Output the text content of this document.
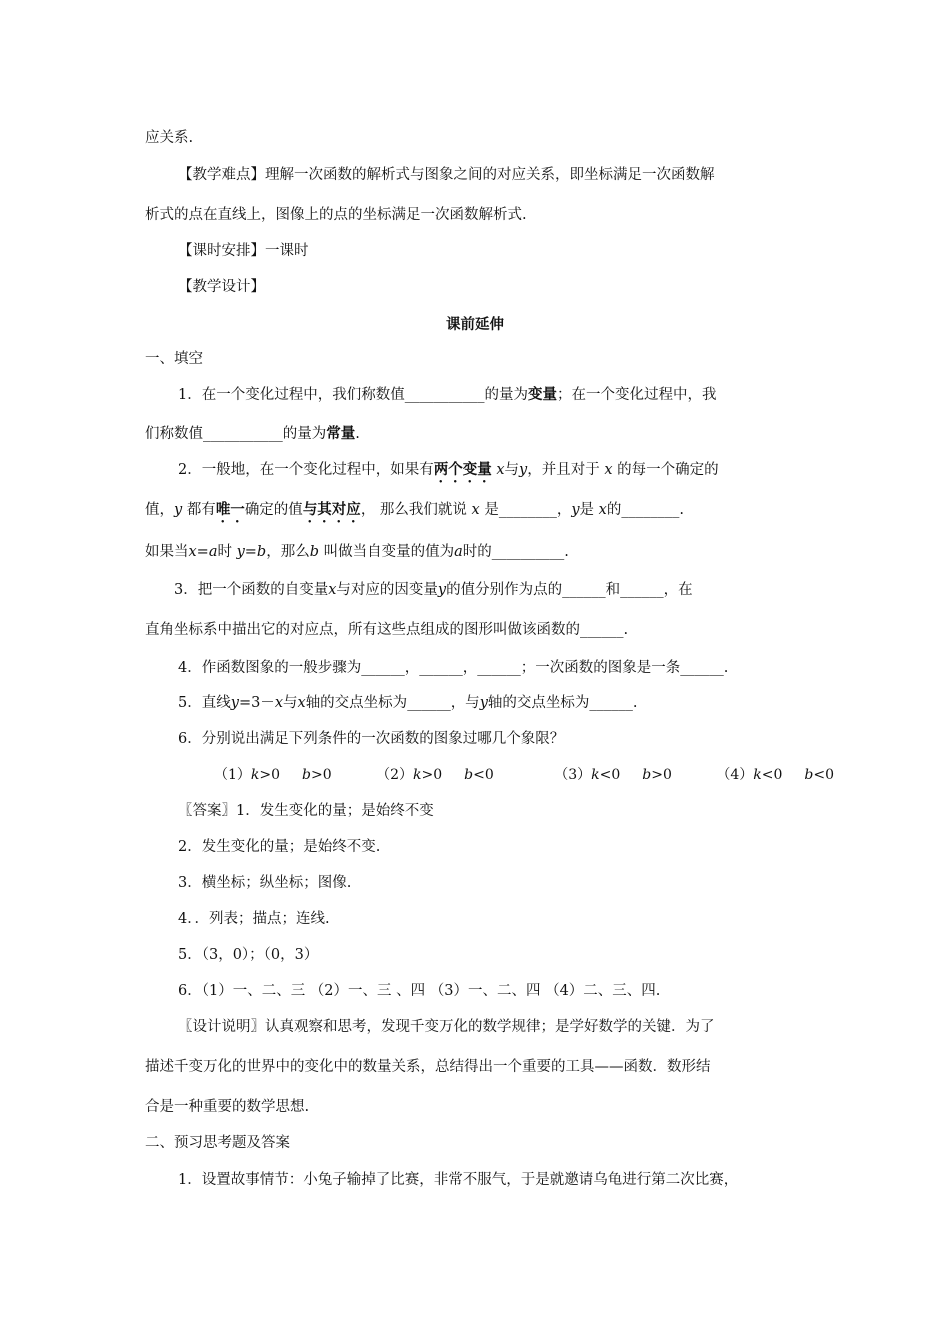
应关系.
【教学难点】理解一次函数的解析式与图象之间的对应关系，即坐标满足一次函数解
析式的点在直线上，图像上的点的坐标满足一次函数解析式.
【课时安排】一课时
【教学设计】
课前延伸
一、填空
1．在一个变化过程中，我们称数值___________的量为变量；在一个变化过程中，我
们称数值___________的量为常量.
2．一般地，在一个变化过程中，如果有两个变量 x与y，并且对于 x 的每一个确定的
值，y 都有唯一确定的值与其对应， 那么我们就说 x 是________，y是 x的________.
如果当x=a时 y=b，那么b 叫做当自变量的值为a时的__________.
3．把一个函数的自变量x与对应的因变量y的值分别作为点的______和______，在
直角坐标系中描出它的对应点，所有这些点组成的图形叫做该函数的______.
4．作函数图象的一般步骤为______，______，______；一次函数的图象是一条______.
5．直线y=3－x与x轴的交点坐标为______，与y轴的交点坐标为______.
6．分别说出满足下列条件的一次函数的图象过哪几个象限？
（1）k>0 b>0	（2）k>0 b<0	（3）k<0 b>0	（4）k<0 b<0
〖答案〗1．发生变化的量；是始终不变
2．发生变化的量；是始终不变.
3．横坐标；纵坐标；图像.
4．．列表；描点；连线.
5．（3，0）；（0，3）
6．（1）一、二、三 （2）一、三 、四 （3）一、二、四 （4）二、三、四.
〖设计说明〗认真观察和思考，发现千变万化的数学规律；是学好数学的关键．为了
描述千变万化的世界中的变化中的数量关系，总结得出一个重要的工具——函数．数形结
合是一种重要的数学思想.
二、预习思考题及答案
1．设置故事情节：小兔子输掉了比赛，非常不服气，于是就邀请乌龟进行第二次比赛，
